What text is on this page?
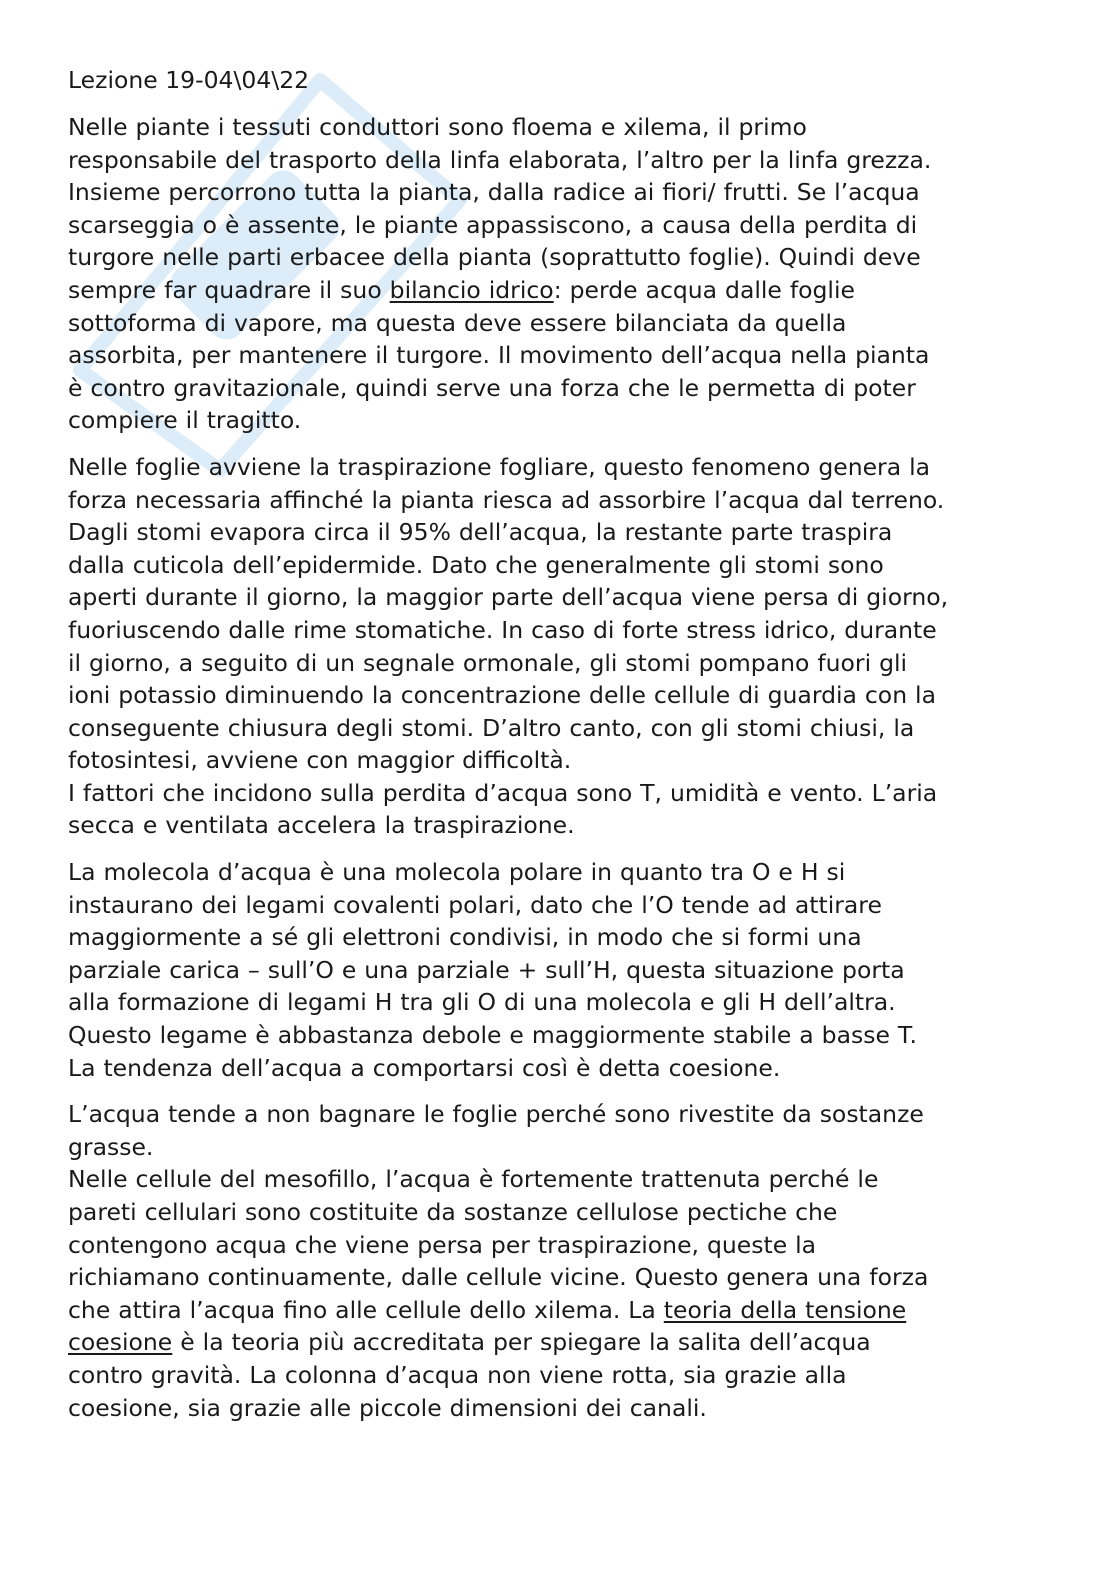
Lezione 19-04\04\22
Nelle piante i tessuti conduttori sono floema e xilema, il primo
responsabile del trasporto della linfa elaborata, l’altro per la linfa grezza.
Insieme percorrono tutta la pianta, dalla radice ai fiori/ frutti. Se l’acqua
scarseggia o è assente, le piante appassiscono, a causa della perdita di
turgore nelle parti erbacee della pianta (soprattutto foglie). Quindi deve
sempre far quadrare il suo bilancio idrico: perde acqua dalle foglie
sottoforma di vapore, ma questa deve essere bilanciata da quella
assorbita, per mantenere il turgore. Il movimento dell’acqua nella pianta
è contro gravitazionale, quindi serve una forza che le permetta di poter
compiere il tragitto.
Nelle foglie avviene la traspirazione fogliare, questo fenomeno genera la
forza necessaria affinché la pianta riesca ad assorbire l’acqua dal terreno.
Dagli stomi evapora circa il 95% dell’acqua, la restante parte traspira
dalla cuticola dell’epidermide. Dato che generalmente gli stomi sono
aperti durante il giorno, la maggior parte dell’acqua viene persa di giorno,
fuoriuscendo dalle rime stomatiche. In caso di forte stress idrico, durante
il giorno, a seguito di un segnale ormonale, gli stomi pompano fuori gli
ioni potassio diminuendo la concentrazione delle cellule di guardia con la
conseguente chiusura degli stomi. D’altro canto, con gli stomi chiusi, la
fotosintesi, avviene con maggior difficoltà.
I fattori che incidono sulla perdita d’acqua sono T, umidità e vento. L’aria
secca e ventilata accelera la traspirazione.
La molecola d’acqua è una molecola polare in quanto tra O e H si
instaurano dei legami covalenti polari, dato che l’O tende ad attirare
maggiormente a sé gli elettroni condivisi, in modo che si formi una
parziale carica – sull’O e una parziale + sull’H, questa situazione porta
alla formazione di legami H tra gli O di una molecola e gli H dell’altra.
Questo legame è abbastanza debole e maggiormente stabile a basse T.
La tendenza dell’acqua a comportarsi così è detta coesione.
L’acqua tende a non bagnare le foglie perché sono rivestite da sostanze
grasse.
Nelle cellule del mesofillo, l’acqua è fortemente trattenuta perché le
pareti cellulari sono costituite da sostanze cellulose pectiche che
contengono acqua che viene persa per traspirazione, queste la
richiamano continuamente, dalle cellule vicine. Questo genera una forza
che attira l’acqua fino alle cellule dello xilema. La teoria della tensione
coesione è la teoria più accreditata per spiegare la salita dell’acqua
contro gravità. La colonna d’acqua non viene rotta, sia grazie alla
coesione, sia grazie alle piccole dimensioni dei canali.
